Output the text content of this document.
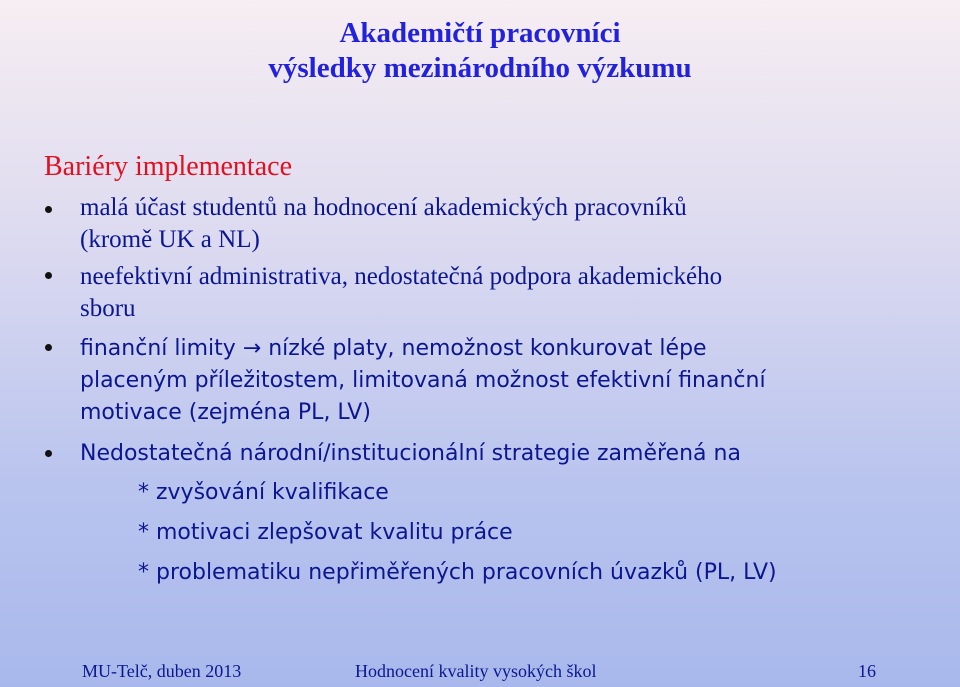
Akademičtí pracovníci
výsledky mezinárodního výzkumu
Bariéry implementace
malá účast studentů na hodnocení akademických pracovníků
(kromě UK a NL)
neefektivní administrativa, nedostatečná podpora akademického
sboru
finanční limity → nízké platy, nemožnost konkurovat lépe
placeným příležitostem, limitovaná možnost efektivní finanční
motivace (zejména PL, LV)
Nedostatečná národní/institucionální strategie zaměřená na
* zvyšování kvalifikace
* motivaci zlepšovat kvalitu práce
* problematiku nepřiměřených pracovních úvazků (PL, LV)
MU-Telč, duben 2013	Hodnocení kvality vysokých škol	16
